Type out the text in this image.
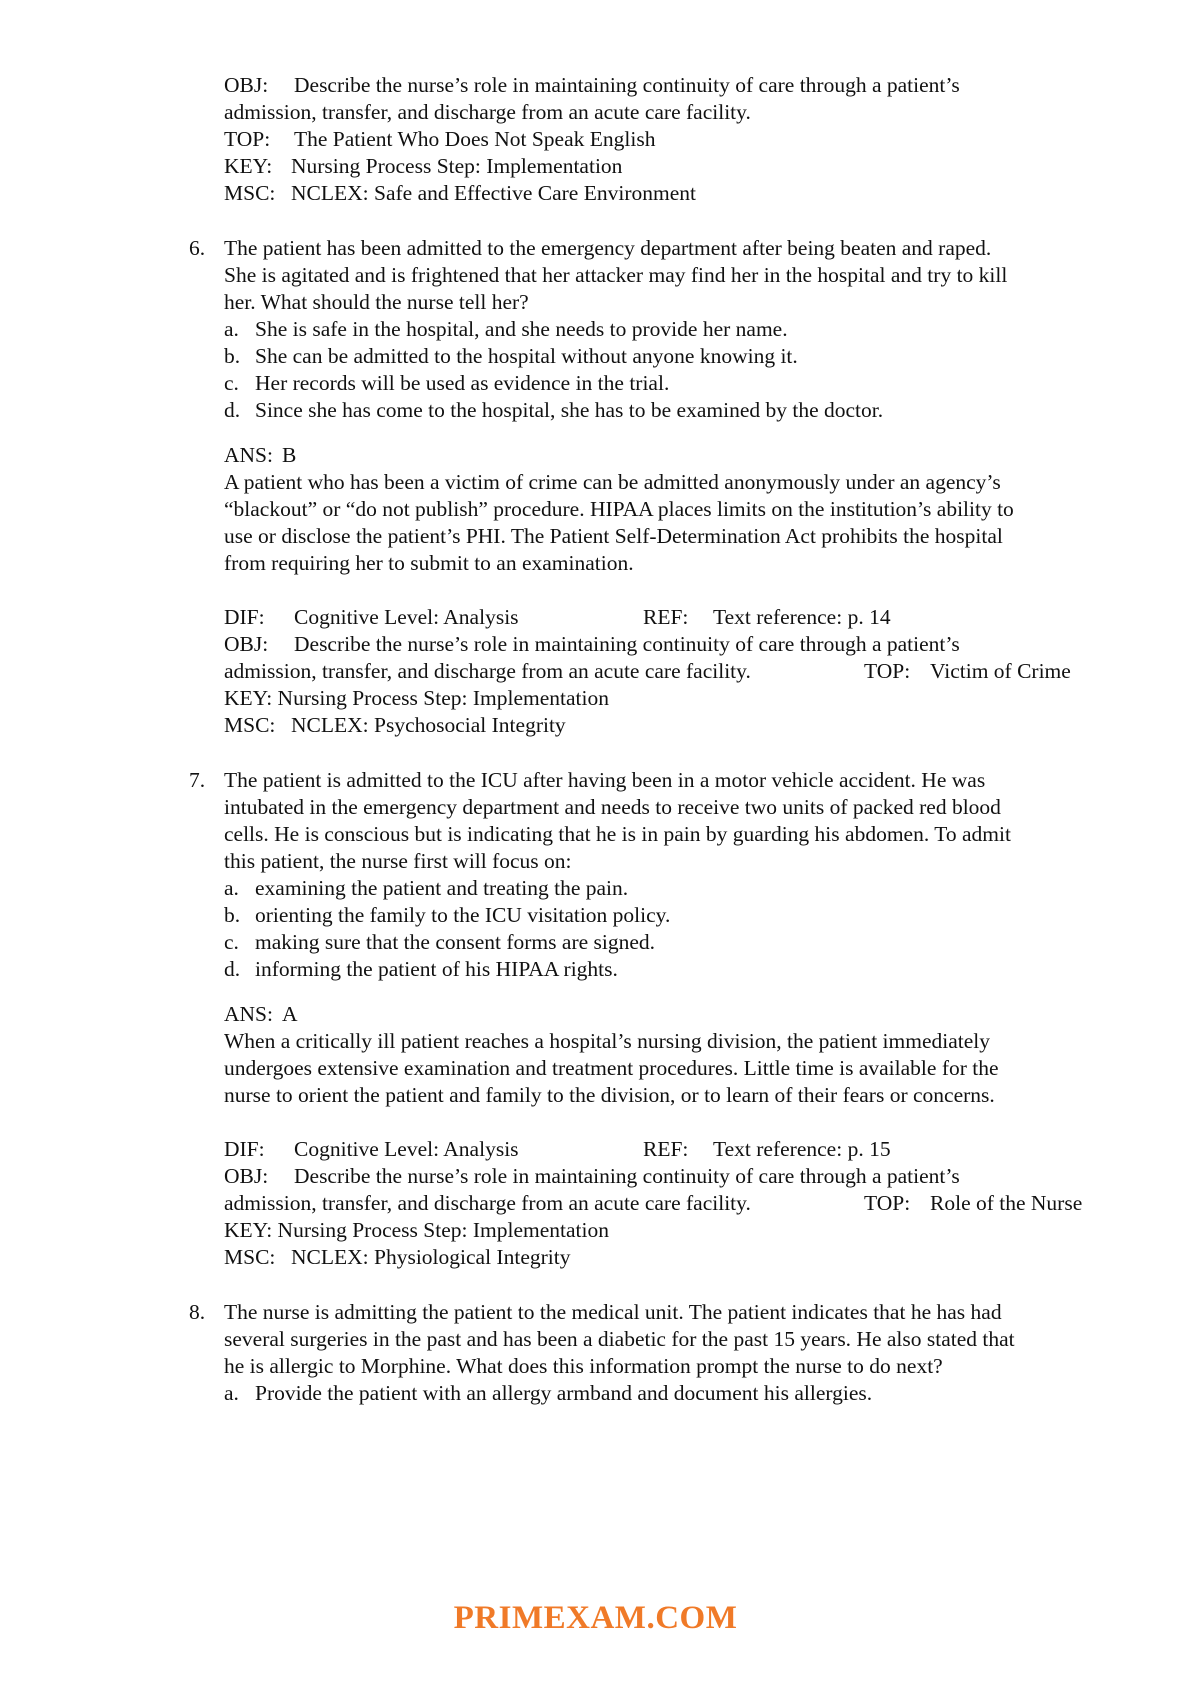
OBJ: Describe the nurse’s role in maintaining continuity of care through a patient’s
admission, transfer, and discharge from an acute care facility.
TOP: The Patient Who Does Not Speak English
KEY: Nursing Process Step: Implementation
MSC: NCLEX: Safe and Effective Care Environment
6. The patient has been admitted to the emergency department after being beaten and raped.
She is agitated and is frightened that her attacker may find her in the hospital and try to kill
her. What should the nurse tell her?
a. She is safe in the hospital, and she needs to provide her name.
b. She can be admitted to the hospital without anyone knowing it.
c. Her records will be used as evidence in the trial.
d. Since she has come to the hospital, she has to be examined by the doctor.
ANS: B
A patient who has been a victim of crime can be admitted anonymously under an agency’s
“blackout” or “do not publish” procedure. HIPAA places limits on the institution’s ability to
use or disclose the patient’s PHI. The Patient Self-Determination Act prohibits the hospital
from requiring her to submit to an examination.
DIF: Cognitive Level: Analysis	REF: Text reference: p. 14
OBJ: Describe the nurse’s role in maintaining continuity of care through a patient’s
admission, transfer, and discharge from an acute care facility.	TOP: Victim of Crime
KEY: Nursing Process Step: Implementation
MSC: NCLEX: Psychosocial Integrity
7. The patient is admitted to the ICU after having been in a motor vehicle accident. He was
intubated in the emergency department and needs to receive two units of packed red blood
cells. He is conscious but is indicating that he is in pain by guarding his abdomen. To admit
this patient, the nurse first will focus on:
a. examining the patient and treating the pain.
b. orienting the family to the ICU visitation policy.
c. making sure that the consent forms are signed.
d. informing the patient of his HIPAA rights.
ANS: A
When a critically ill patient reaches a hospital’s nursing division, the patient immediately
undergoes extensive examination and treatment procedures. Little time is available for the
nurse to orient the patient and family to the division, or to learn of their fears or concerns.
DIF: Cognitive Level: Analysis	REF: Text reference: p. 15
OBJ: Describe the nurse’s role in maintaining continuity of care through a patient’s
admission, transfer, and discharge from an acute care facility.	TOP: Role of the Nurse
KEY: Nursing Process Step: Implementation
MSC: NCLEX: Physiological Integrity
8. The nurse is admitting the patient to the medical unit. The patient indicates that he has had
several surgeries in the past and has been a diabetic for the past 15 years. He also stated that
he is allergic to Morphine. What does this information prompt the nurse to do next?
a. Provide the patient with an allergy armband and document his allergies.
PRIMEXAM.COM
